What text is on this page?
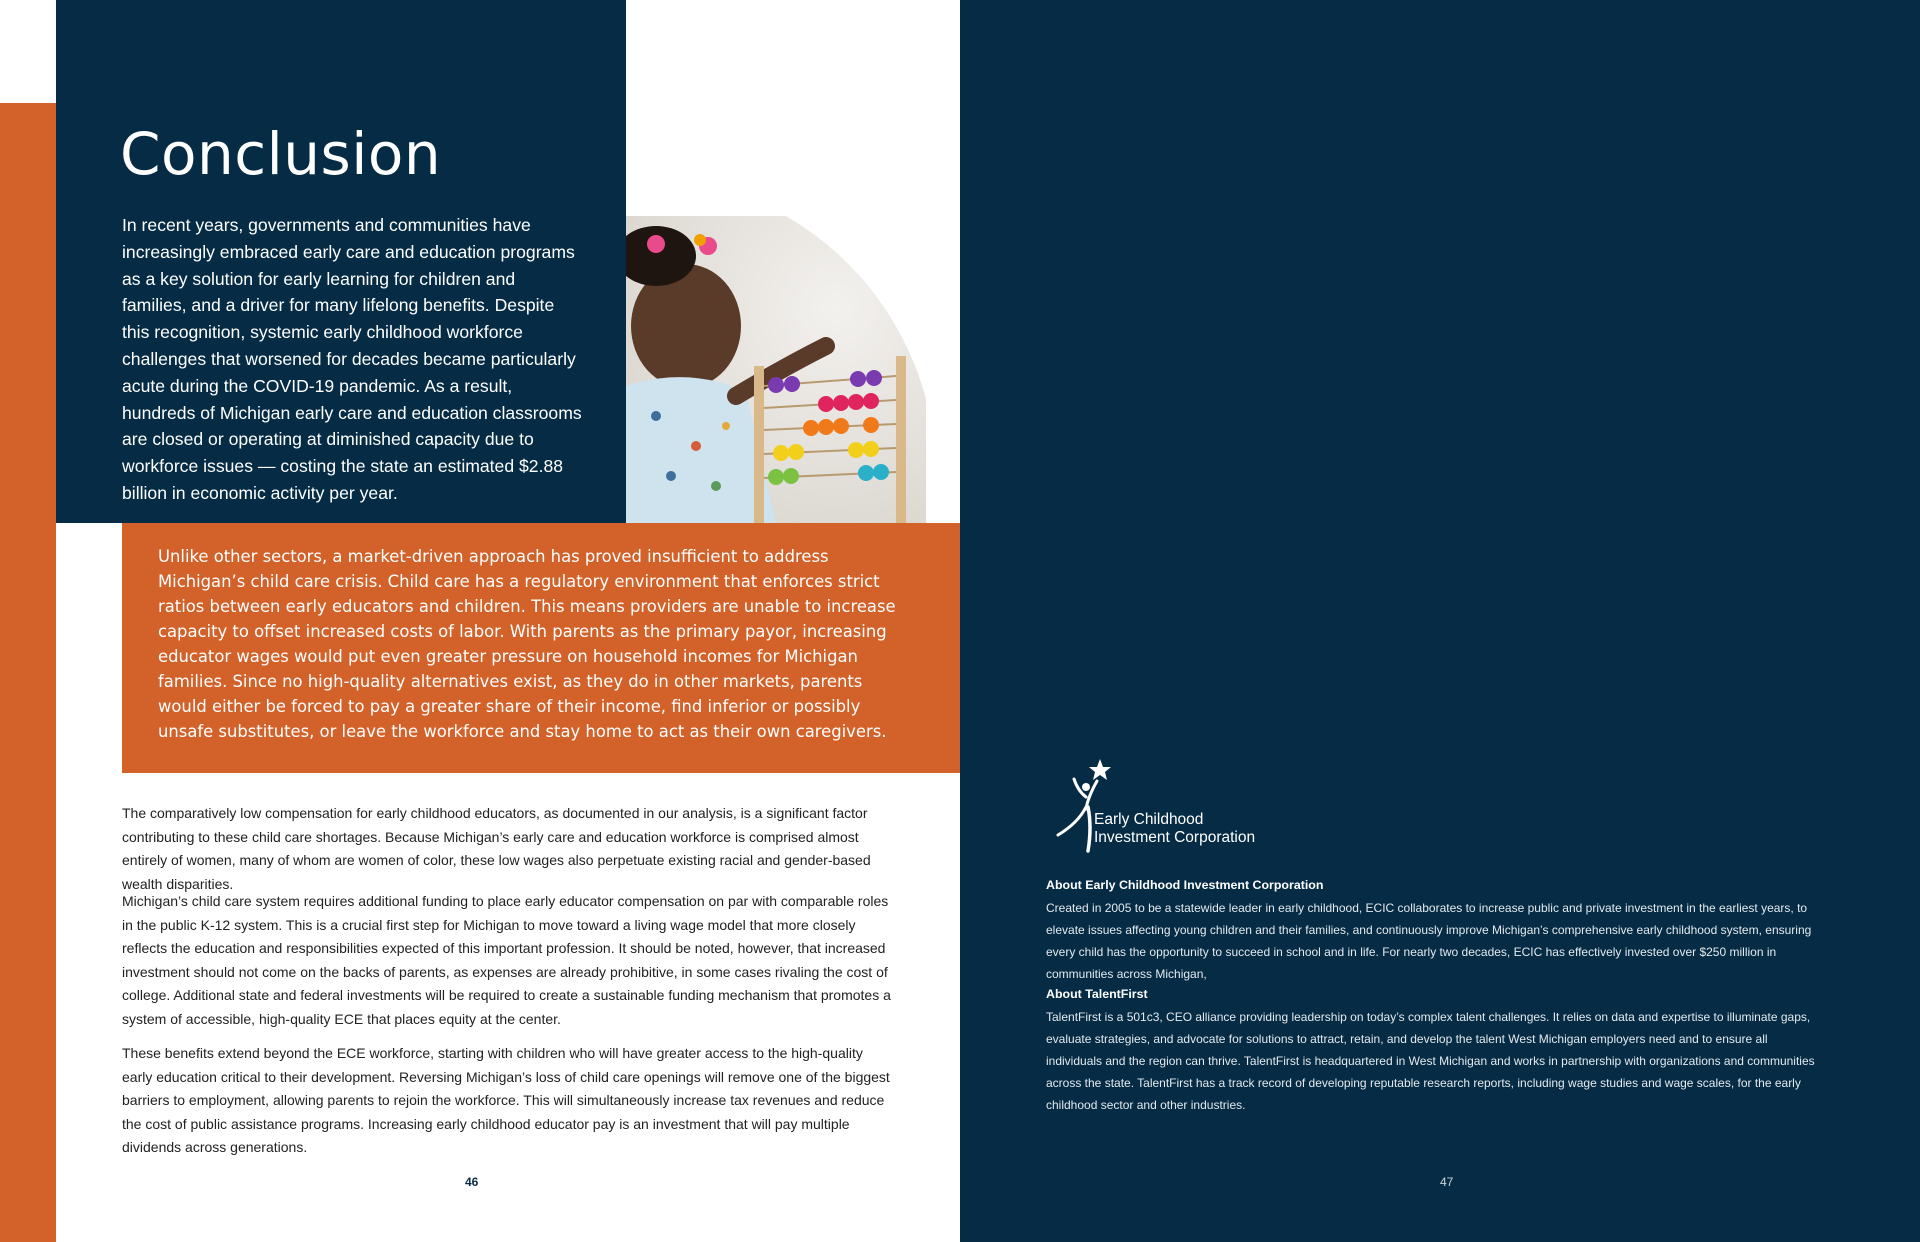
Conclusion

In recent years, governments and communities have increasingly embraced early care and education programs as a key solution for early learning for children and families, and a driver for many lifelong benefits. Despite this recognition, systemic early childhood workforce challenges that worsened for decades became particularly acute during the COVID-19 pandemic. As a result, hundreds of Michigan early care and education classrooms are closed or operating at diminished capacity due to workforce issues — costing the state an estimated $2.88 billion in economic activity per year.

Unlike other sectors, a market-driven approach has proved insufficient to address Michigan’s child care crisis. Child care has a regulatory environment that enforces strict ratios between early educators and children. This means providers are unable to increase capacity to offset increased costs of labor. With parents as the primary payor, increasing educator wages would put even greater pressure on household incomes for Michigan families. Since no high-quality alternatives exist, as they do in other markets, parents would either be forced to pay a greater share of their income, find inferior or possibly unsafe substitutes, or leave the workforce and stay home to act as their own caregivers.

The comparatively low compensation for early childhood educators, as documented in our analysis, is a significant factor contributing to these child care shortages. Because Michigan’s early care and education workforce is comprised almost entirely of women, many of whom are women of color, these low wages also perpetuate existing racial and gender-based wealth disparities.

Michigan’s child care system requires additional funding to place early educator compensation on par with comparable roles in the public K-12 system. This is a crucial first step for Michigan to move toward a living wage model that more closely reflects the education and responsibilities expected of this important profession. It should be noted, however, that increased investment should not come on the backs of parents, as expenses are already prohibitive, in some cases rivaling the cost of college. Additional state and federal investments will be required to create a sustainable funding mechanism that promotes a system of accessible, high-quality ECE that places equity at the center.

These benefits extend beyond the ECE workforce, starting with children who will have greater access to the high-quality early education critical to their development. Reversing Michigan’s loss of child care openings will remove one of the biggest barriers to employment, allowing parents to rejoin the workforce. This will simultaneously increase tax revenues and reduce the cost of public assistance programs. Increasing early childhood educator pay is an investment that will pay multiple dividends across generations.

46
Early Childhood
Investment Corporation
About Early Childhood Investment Corporation

Created in 2005 to be a statewide leader in early childhood, ECIC collaborates to increase public and private investment in the earliest years, to elevate issues affecting young children and their families, and continuously improve Michigan’s comprehensive early childhood system, ensuring every child has the opportunity to succeed in school and in life. For nearly two decades, ECIC has effectively invested over $250 million in communities across Michigan,

About TalentFirst

TalentFirst is a 501c3, CEO alliance providing leadership on today’s complex talent challenges. It relies on data and expertise to illuminate gaps, evaluate strategies, and advocate for solutions to attract, retain, and develop the talent West Michigan employers need and to ensure all individuals and the region can thrive. TalentFirst is headquartered in West Michigan and works in partnership with organizations and communities across the state. TalentFirst has a track record of developing reputable research reports, including wage studies and wage scales, for the early childhood sector and other industries.

47
